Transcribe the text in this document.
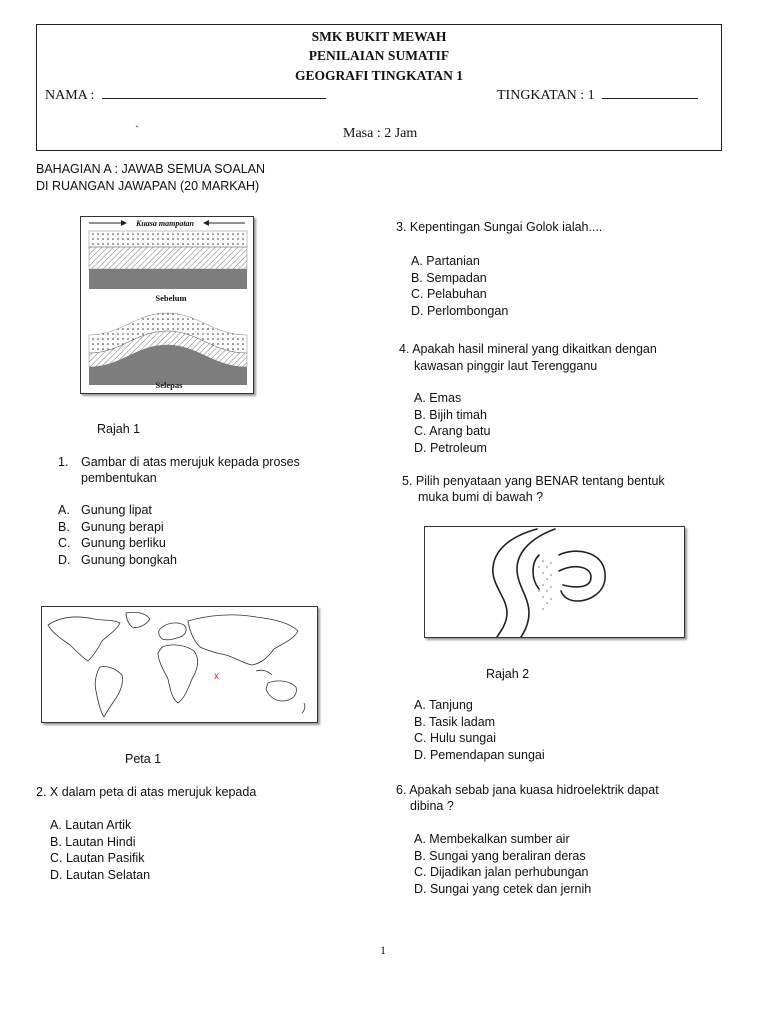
SMK BUKIT MEWAH
PENILAIAN SUMATIF
GEOGRAFI TINGKATAN 1
NAMA :	TINGKATAN : 1
`	Masa : 2 Jam
BAHAGIAN A : JAWAB SEMUA SOALAN
DI RUANGAN JAWAPAN (20 MARKAH)
Kuasa mampatan
Sebelum
Selepas
Rajah 1
1. Gambar di atas merujuk kepada proses
pembentukan
A. Gunung lipat
B. Gunung berapi
C. Gunung berliku
D. Gunung bongkah
x
Peta 1
2. X dalam peta di atas merujuk kepada
A. Lautan Artik
B. Lautan Hindi
C. Lautan Pasifik
D. Lautan Selatan
3. Kepentingan Sungai Golok ialah....
A. Partanian
B. Sempadan
C. Pelabuhan
D. Perlombongan
4. Apakah hasil mineral yang dikaitkan dengan
kawasan pinggir laut Terengganu
A. Emas
B. Bijih timah
C. Arang batu
D. Petroleum
5. Pilih penyataan yang BENAR tentang bentuk
muka bumi di bawah ?
Rajah 2
A. Tanjung
B. Tasik ladam
C. Hulu sungai
D. Pemendapan sungai
6. Apakah sebab jana kuasa hidroelektrik dapat
dibina ?
A. Membekalkan sumber air
B. Sungai yang beraliran deras
C. Dijadikan jalan perhubungan
D. Sungai yang cetek dan jernih
1
